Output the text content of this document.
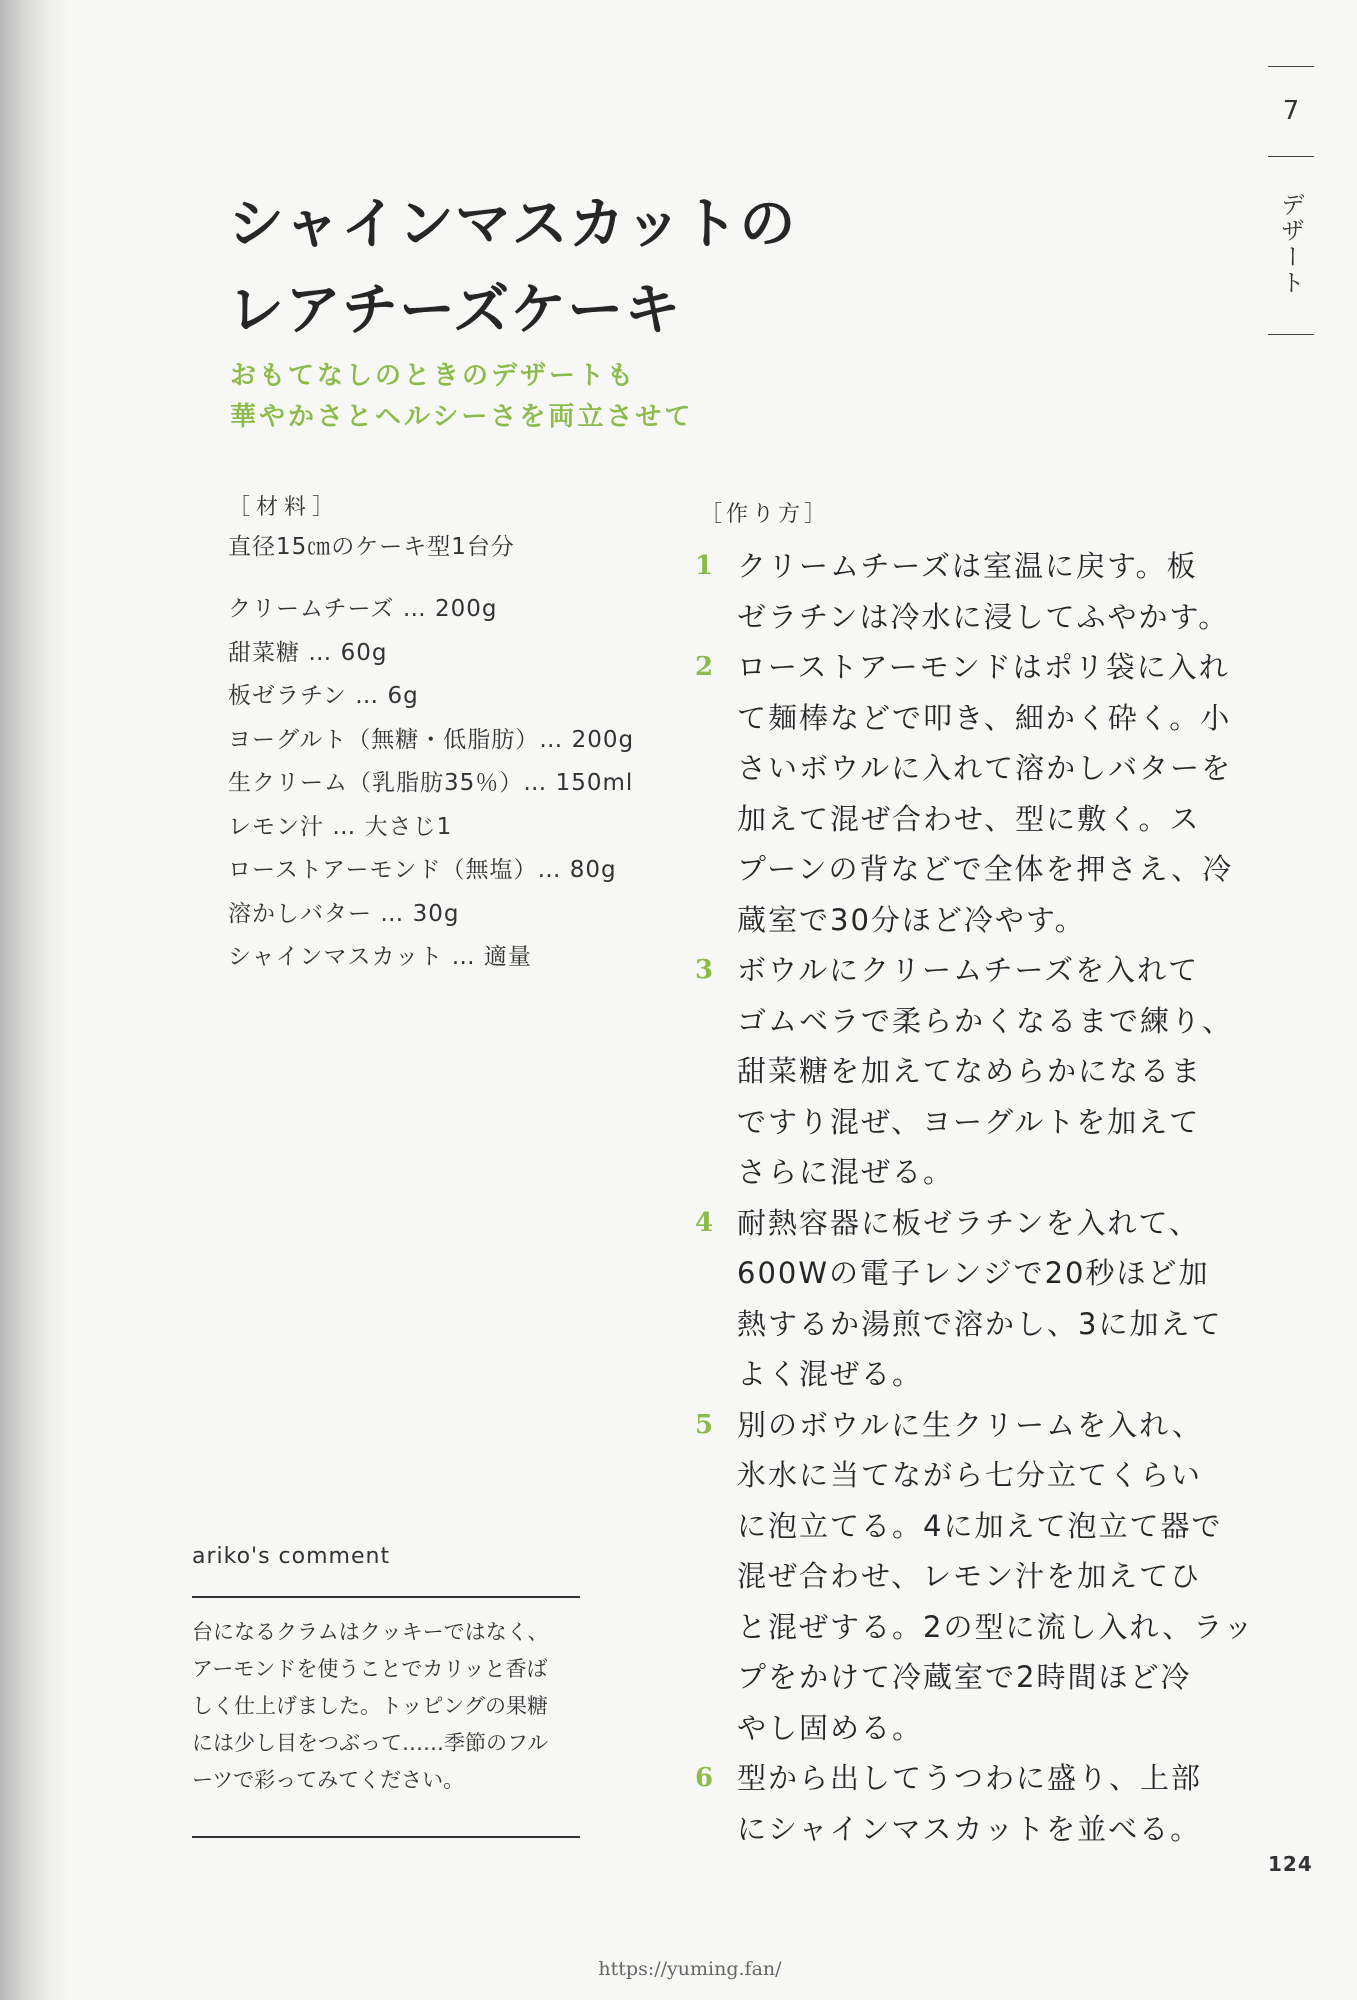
7
デザート
シャインマスカットの
レアチーズケーキ
おもてなしのときのデザートも
華やかさとヘルシーさを両立させて
［材料］
直径15㎝のケーキ型1台分
クリームチーズ … 200g
甜菜糖 … 60g
板ゼラチン … 6g
ヨーグルト（無糖・低脂肪）… 200g
生クリーム（乳脂肪35％）… 150ml
レモン汁 … 大さじ1
ローストアーモンド（無塩）… 80g
溶かしバター … 30g
シャインマスカット … 適量
ariko's comment
台になるクラムはクッキーではなく、
アーモンドを使うことでカリッと香ば
しく仕上げました。トッピングの果糖
には少し目をつぶって……季節のフル
ーツで彩ってみてください。
［作り方］
1 クリームチーズは室温に戻す。板
ゼラチンは冷水に浸してふやかす。
2 ローストアーモンドはポリ袋に入れ
て麺棒などで叩き、細かく砕く。小
さいボウルに入れて溶かしバターを
加えて混ぜ合わせ、型に敷く。ス
プーンの背などで全体を押さえ、冷
蔵室で30分ほど冷やす。
3 ボウルにクリームチーズを入れて
ゴムベラで柔らかくなるまで練り、
甜菜糖を加えてなめらかになるま
ですり混ぜ、ヨーグルトを加えて
さらに混ぜる。
4 耐熱容器に板ゼラチンを入れて、
600Wの電子レンジで20秒ほど加
熱するか湯煎で溶かし、3に加えて
よく混ぜる。
5 別のボウルに生クリームを入れ、
氷水に当てながら七分立てくらい
に泡立てる。4に加えて泡立て器で
混ぜ合わせ、レモン汁を加えてひ
と混ぜする。2の型に流し入れ、ラッ
プをかけて冷蔵室で2時間ほど冷
やし固める。
6 型から出してうつわに盛り、上部
にシャインマスカットを並べる。
124
https://yuming.fan/
